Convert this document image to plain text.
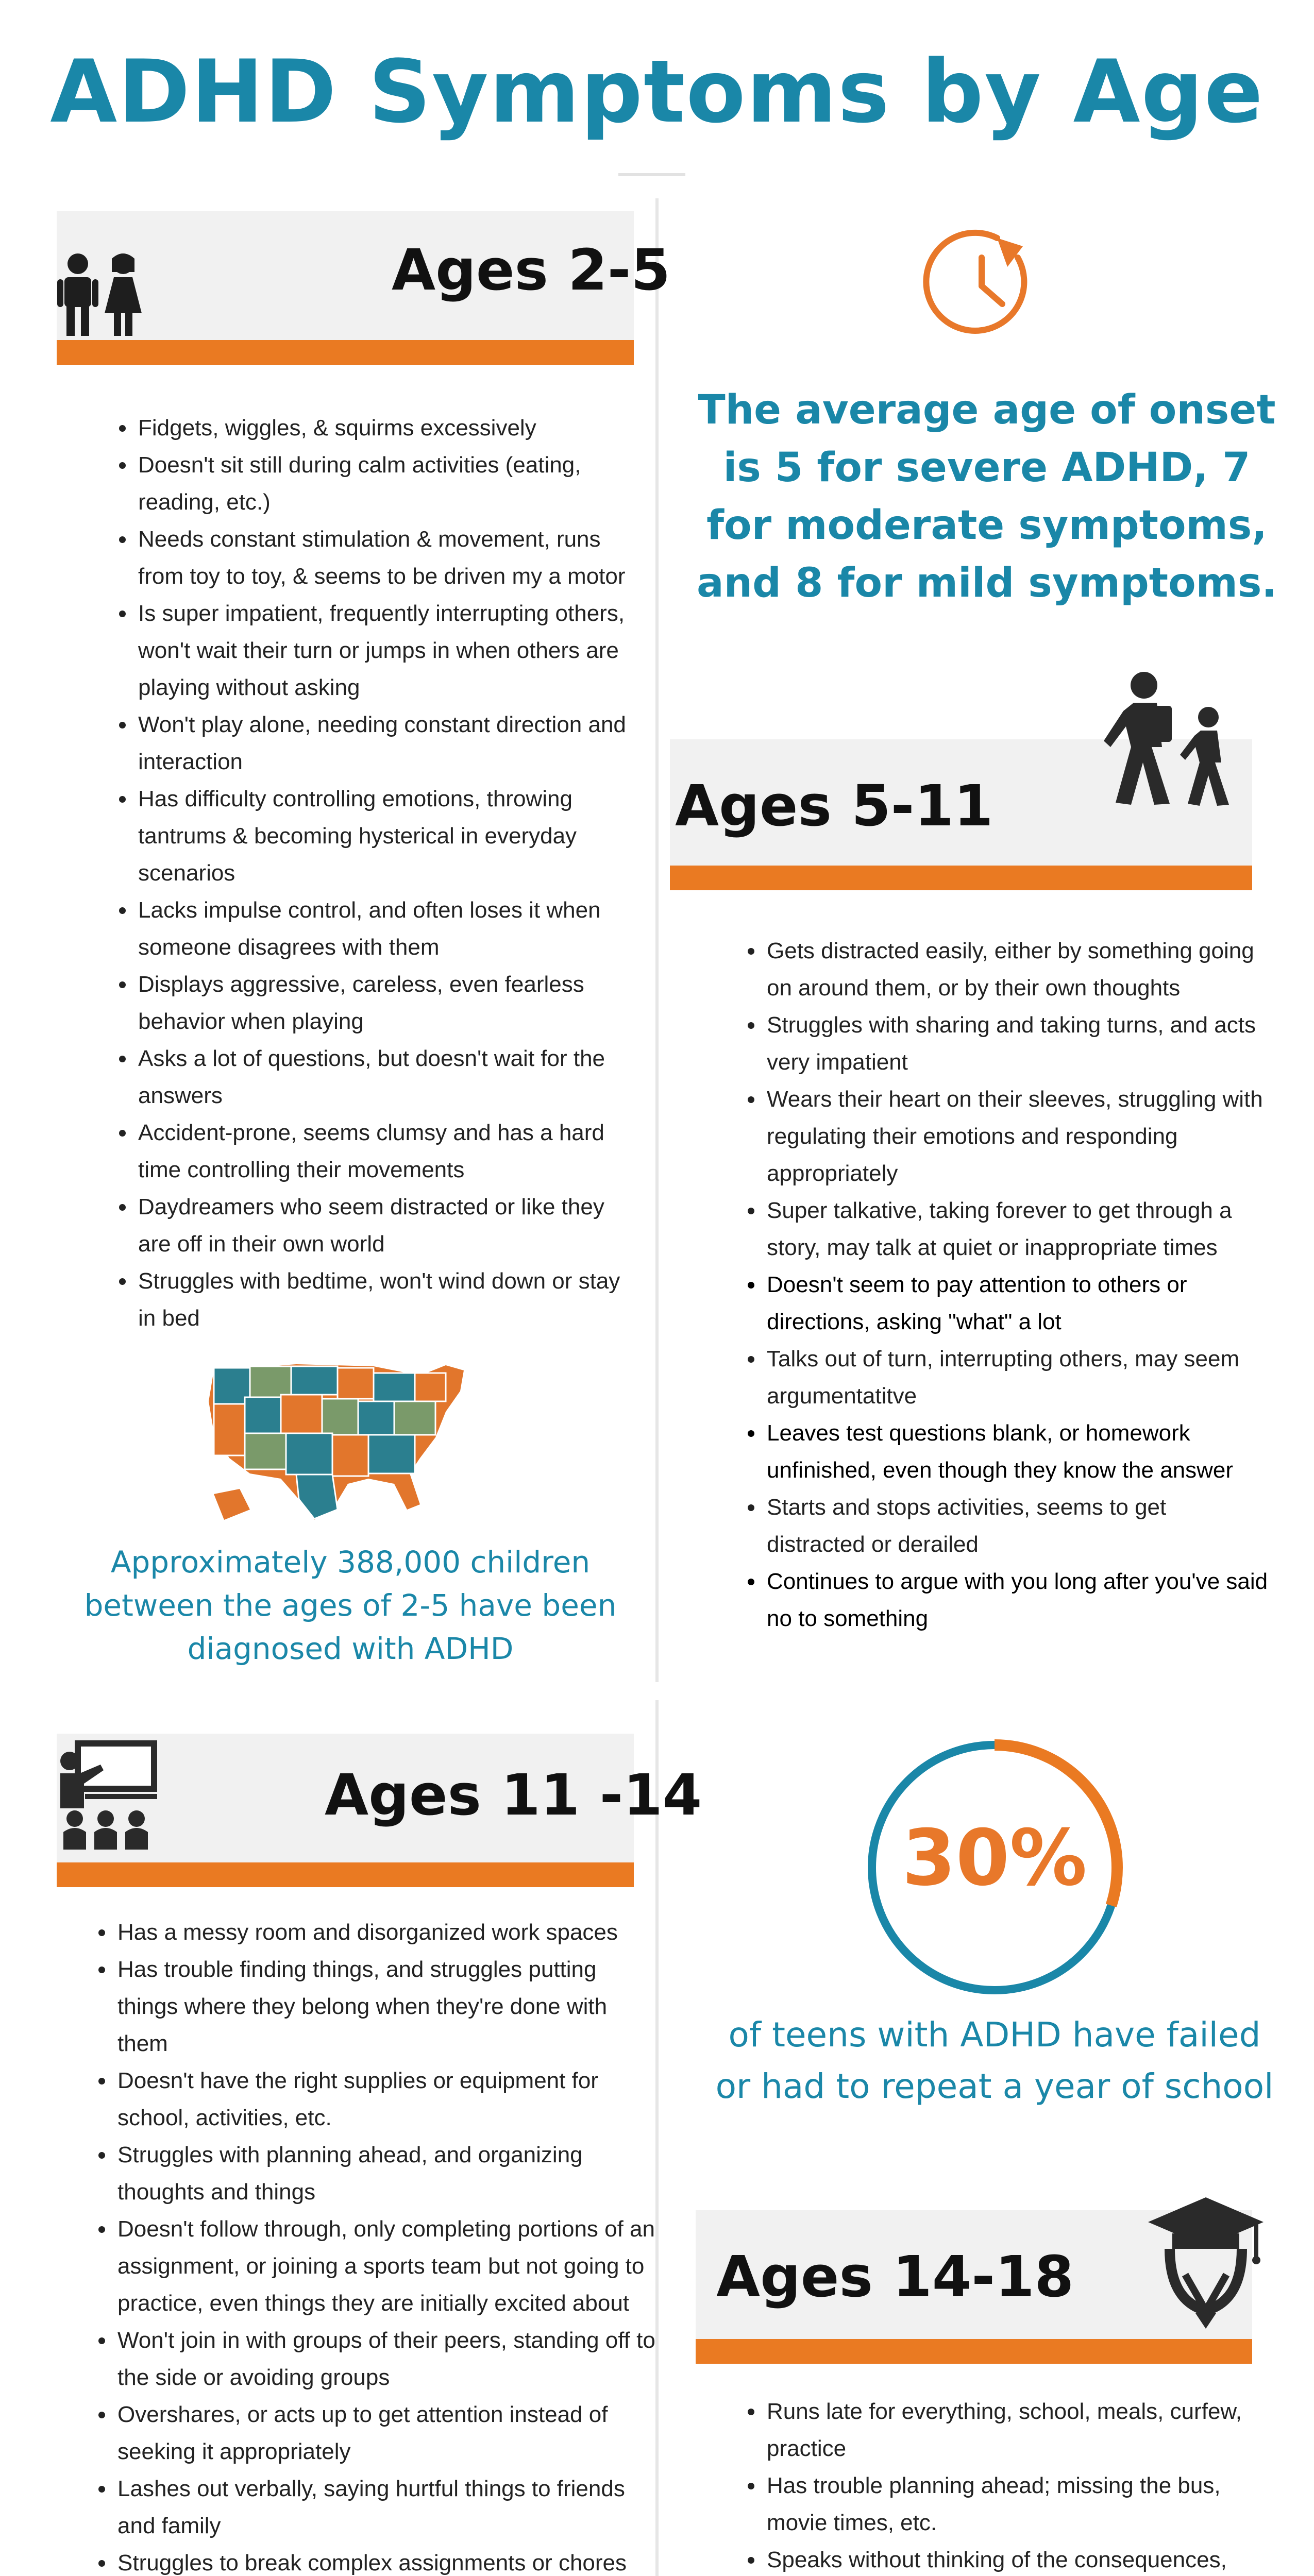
ADHD Symptoms by Age
Ages 2-5
• Fidgets, wiggles, & squirms excessively
• Doesn't sit still during calm activities (eating, reading, etc.)
• Needs constant stimulation & movement, runs from toy to toy, & seems to be driven my a motor
• Is super impatient, frequently interrupting others, won't wait their turn or jumps in when others are playing without asking
• Won't play alone, needing constant direction and interaction
• Has difficulty controlling emotions, throwing tantrums & becoming hysterical in everyday scenarios
• Lacks impulse control, and often loses it when someone disagrees with them
• Displays aggressive, careless, even fearless behavior when playing
• Asks a lot of questions, but doesn't wait for the answers
• Accident-prone, seems clumsy and has a hard time controlling their movements
• Daydreamers who seem distracted or like they are off in their own world
• Struggles with bedtime, won't wind down or stay in bed
Approximately 388,000 children between the ages of 2-5 have been diagnosed with ADHD
The average age of onset is 5 for severe ADHD, 7 for moderate symptoms, and 8 for mild symptoms.
Ages 5-11
• Gets distracted easily, either by something going on around them, or by their own thoughts
• Struggles with sharing and taking turns, and acts very impatient
• Wears their heart on their sleeves, struggling with regulating their emotions and responding appropriately
• Super talkative, taking forever to get through a story, may talk at quiet or inappropriate times
• Doesn't seem to pay attention to others or directions, asking "what" a lot
• Talks out of turn, interrupting others, may seem argumentatitve
• Leaves test questions blank, or homework unfinished, even though they know the answer
• Starts and stops activities, seems to get distracted or derailed
• Continues to argue with you long after you've said no to something
Ages 11 -14
• Has a messy room and disorganized work spaces
• Has trouble finding things, and struggles putting things where they belong when they're done with them
• Doesn't have the right supplies or equipment for school, activities, etc.
• Struggles with planning ahead, and organizing thoughts and things
• Doesn't follow through, only completing portions of an assignment, or joining a sports team but not going to practice, even things they are initially excited about
• Won't join in with groups of their peers, standing off to the side or avoiding groups
• Overshares, or acts up to get attention instead of seeking it appropriately
• Lashes out verbally, saying hurtful things to friends and family
• Struggles to break complex assignments or chores
30%
of teens with ADHD have failed or had to repeat a year of school
Ages 14-18
• Runs late for everything, school, meals, curfew, practice
• Has trouble planning ahead; missing the bus, movie times, etc.
• Speaks without thinking of the consequences,
